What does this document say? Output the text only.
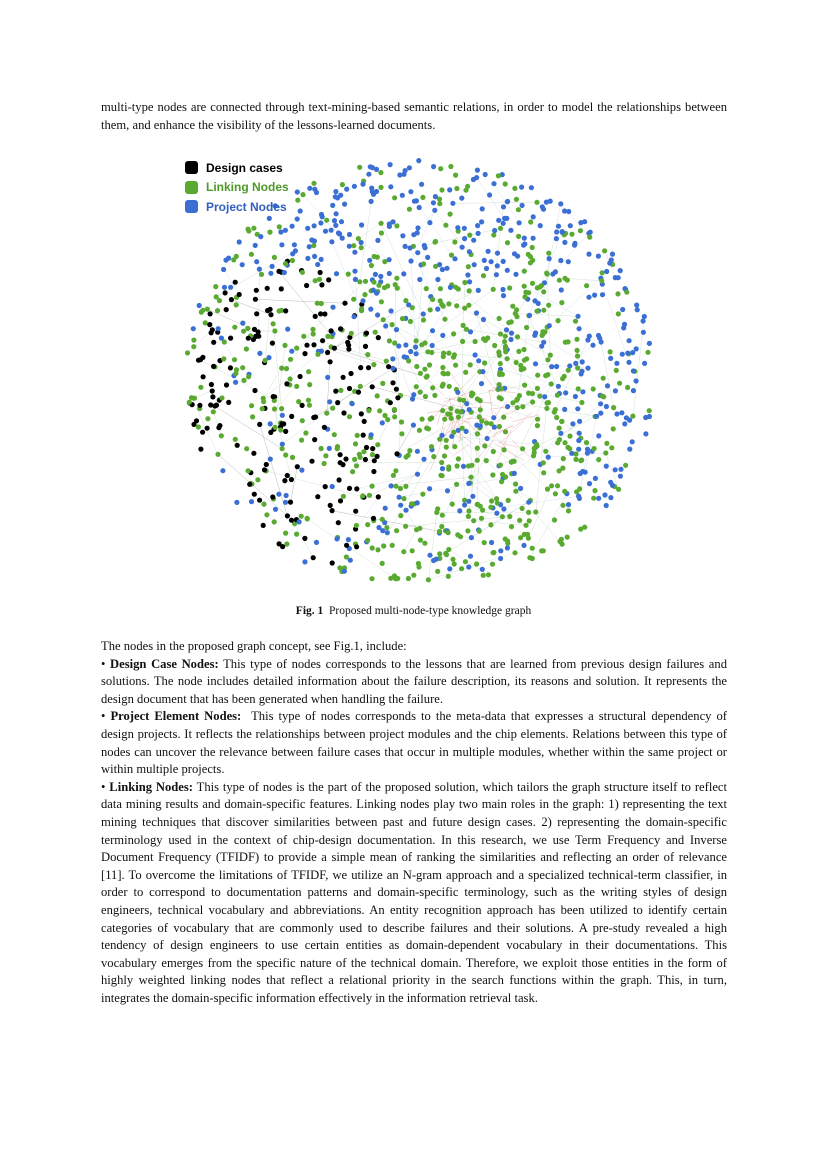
multi-type nodes are connected through text-mining-based semantic relations, in order to model the relationships between them, and enhance the visibility of the lessons-learned documents.

Design cases
Linking Nodes
Project Nodes
Fig. 1 Proposed multi-node-type knowledge graph

The nodes in the proposed graph concept, see Fig.1, include:

• Design Case Nodes: This type of nodes corresponds to the lessons that are learned from previous design failures and solutions. The node includes detailed information about the failure description, its reasons and solution. It represents the design document that has been generated when handling the failure.

• Project Element Nodes: This type of nodes corresponds to the meta-data that expresses a structural dependency of design projects. It reflects the relationships between project modules and the chip elements. Relations between this type of nodes can uncover the relevance between failure cases that occur in multiple modules, whether within the same project or within multiple projects.

• Linking Nodes: This type of nodes is the part of the proposed solution, which tailors the graph structure itself to reflect data mining results and domain-specific features. Linking nodes play two main roles in the graph: 1) representing the text mining techniques that discover similarities between past and future design cases. 2) representing the domain-specific terminology used in the context of chip-design documentation. In this research, we use Term Frequency and Inverse Document Frequency (TFIDF) to provide a simple mean of ranking the similarities and reflecting an order of relevance [11]. To overcome the limitations of TFIDF, we utilize an N-gram approach and a specialized technical-term classifier, in order to correspond to documentation patterns and domain-specific terminology, such as the writing styles of design engineers, technical vocabulary and abbreviations. An entity recognition approach has been utilized to identify certain categories of vocabulary that are commonly used to describe failures and their solutions. A pre-study revealed a high tendency of design engineers to use certain entities as domain-dependent vocabulary in their documentations. This vocabulary emerges from the specific nature of the technical domain. Therefore, we exploit those entities in the form of highly weighted linking nodes that reflect a relational priority in the search functions within the graph. This, in turn, integrates the domain-specific information effectively in the information retrieval task.
